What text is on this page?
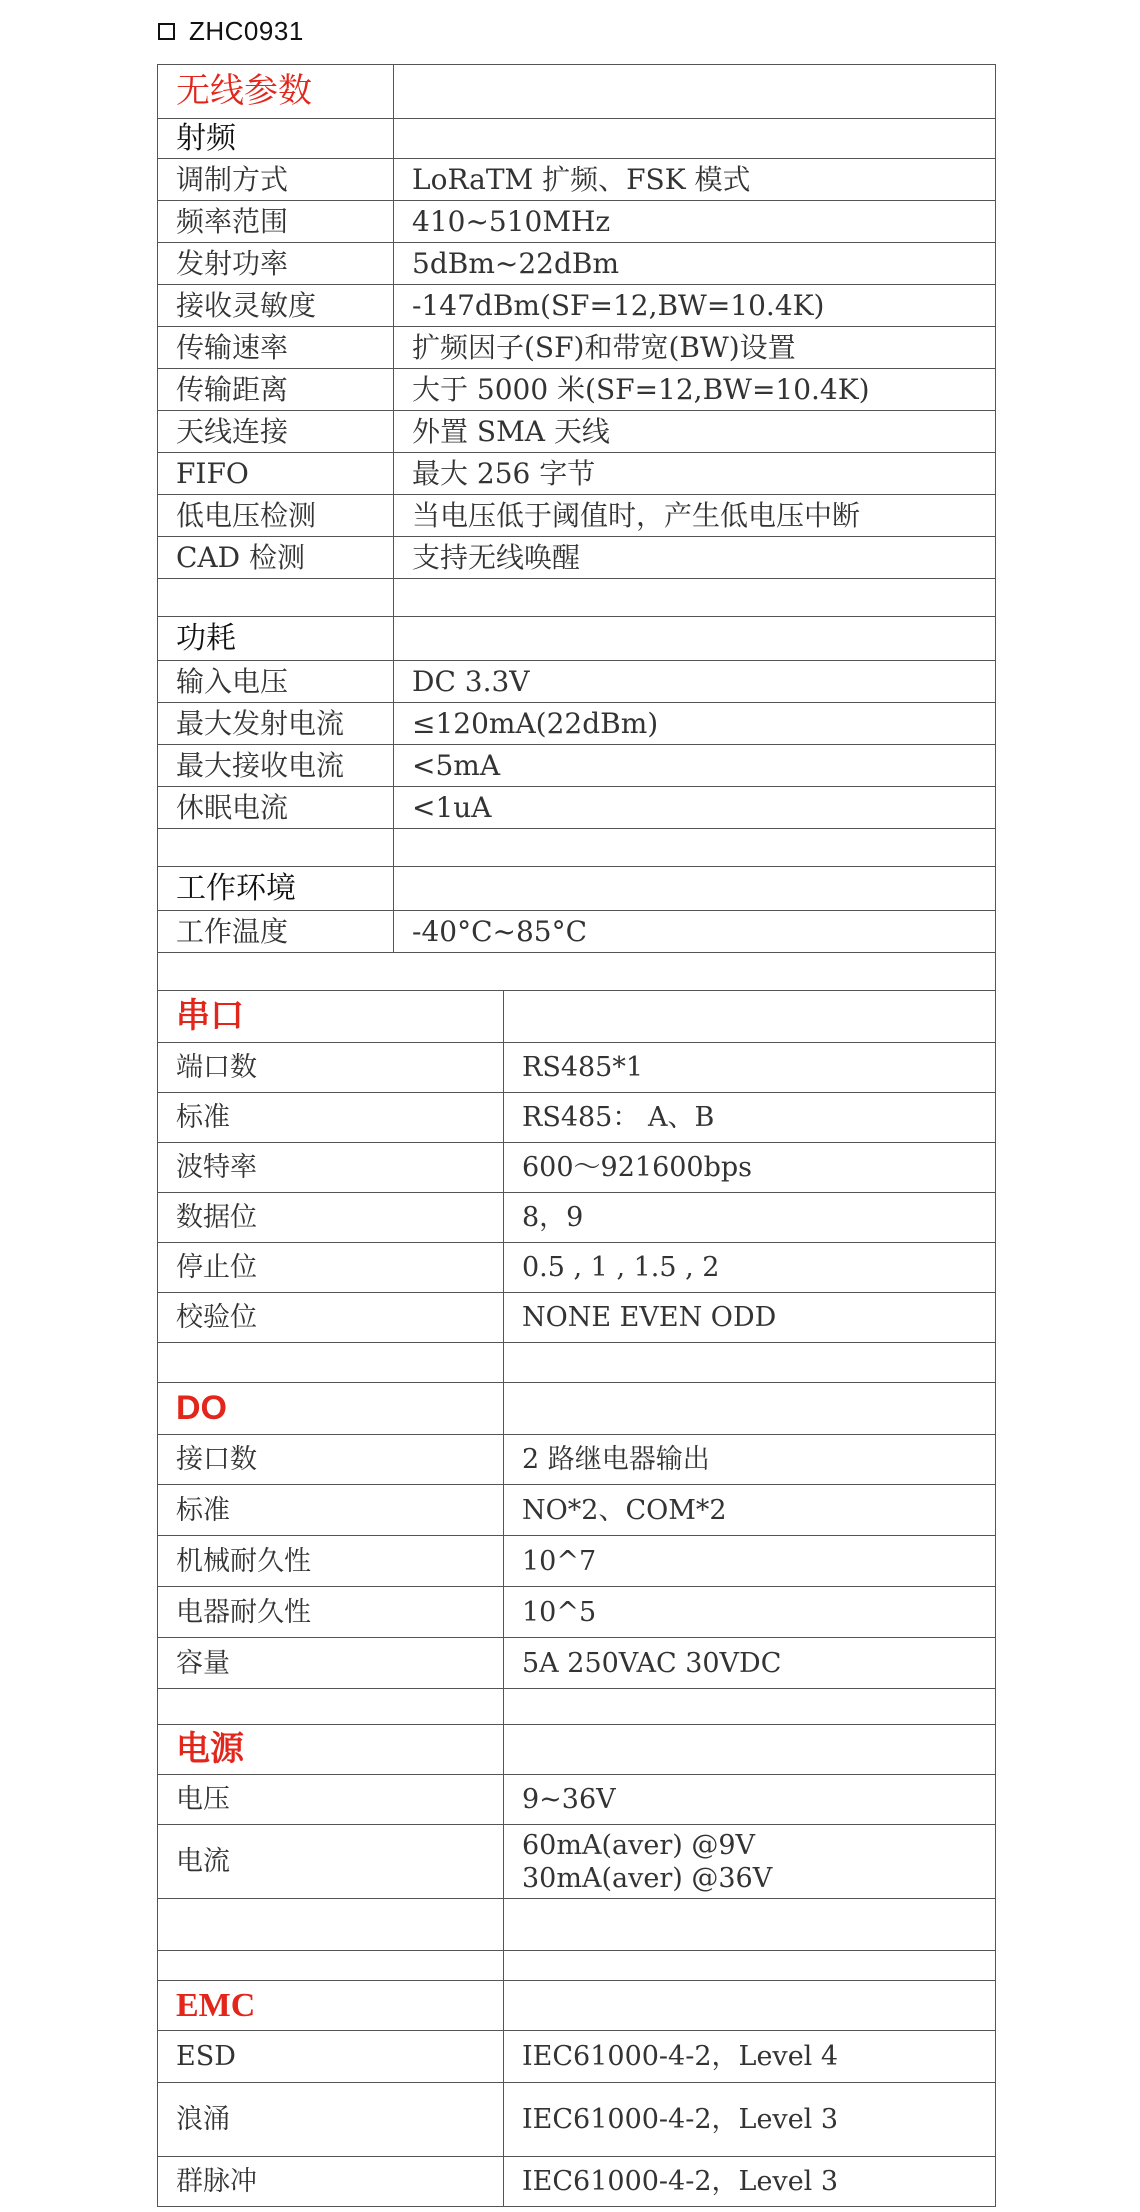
ZHC0931
无线参数	
射频	
调制方式	LoRaTM 扩频、FSK 模式
频率范围	410~510MHz
发射功率	5dBm~22dBm
接收灵敏度	-147dBm(SF=12,BW=10.4K)
传输速率	扩频因子(SF)和带宽(BW)设置
传输距离	大于 5000 米(SF=12,BW=10.4K)
天线连接	外置 SMA 天线
FIFO	最大 256 字节
低电压检测	当电压低于阈值时，产生低电压中断
CAD 检测	支持无线唤醒

功耗	
输入电压	DC 3.3V
最大发射电流	≤120mA(22dBm)
最大接收电流	<5mA
休眠电流	<1uA

工作环境	
工作温度	-40°C~85°C

串口	
端口数	RS485*1
标准	RS485： A、B
波特率	600～921600bps
数据位	8，9
停止位	0.5 , 1 , 1.5 , 2
校验位	NONE EVEN ODD

DO	
接口数	2 路继电器输出
标准	NO*2、COM*2
机械耐久性	10^7
电器耐久性	10^5
容量	5A 250VAC 30VDC

电源	
电压	9~36V
电流	60mA(aver) @9V
30mA(aver) @36V

EMC	
ESD	IEC61000-4-2，Level 4
浪涌	IEC61000-4-2，Level 3
群脉冲	IEC61000-4-2，Level 3
